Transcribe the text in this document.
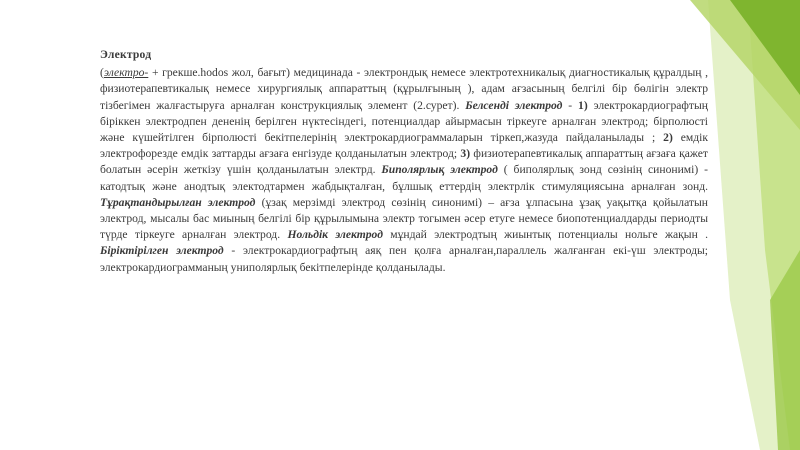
Электрод

(электро- + грекше.hodos жол, бағыт) медицинада - электрондық немесе электротехникалық диагностикалық құралдың , физиотерапевтикалық немесе хирургиялық аппараттың (құрылғының ), адам ағзасының белгілі бір бөлігін электр тізбегімен жалғастыруға арналған конструкциялық элемент (2.сурет). Белсенді электрод - 1) электрокардиографтың біріккен электродпен дененің берілген нүктесіндегі, потенциалдар айырмасын тіркеуге арналған электрод; бірполюсті және күшейтілген бірполюсті бекітпелерінің электрокардиограммаларын тіркеп,жазуда пайдаланылады ; 2) емдік электрофорезде емдік заттарды ағзаға енгізуде қолданылатын электрод; 3) физиотерапевтикалық аппараттың ағзаға қажет болатын әсерін жеткізу үшін қолданылатын электрд. Биполярлық электрод ( биполярлық зонд сөзінің синонимі) - катодтық және анодтық электодтармен жабдықталған, бұлшық еттердің электрлік стимуляциясына арналған зонд. Тұрақтандырылған электрод (ұзақ мерзімді электрод сөзінің синонимі) – ағза ұлпасына ұзақ уақытқа қойылатын электрод, мысалы бас миының белгілі бір құрылымына электр тогымен әсер етуге немесе биопотенциалдарды периодты түрде тіркеуге арналған электрод. Нольдік электрод мұндай электродтың жиынтық потенциалы нольге жақын . Біріктірілген электрод - электрокардиографтың аяқ пен қолға арналған,параллель жалғанған екі-үш электроды; электрокардиограмманың униполярлық бекітпелерінде қолданылады.
